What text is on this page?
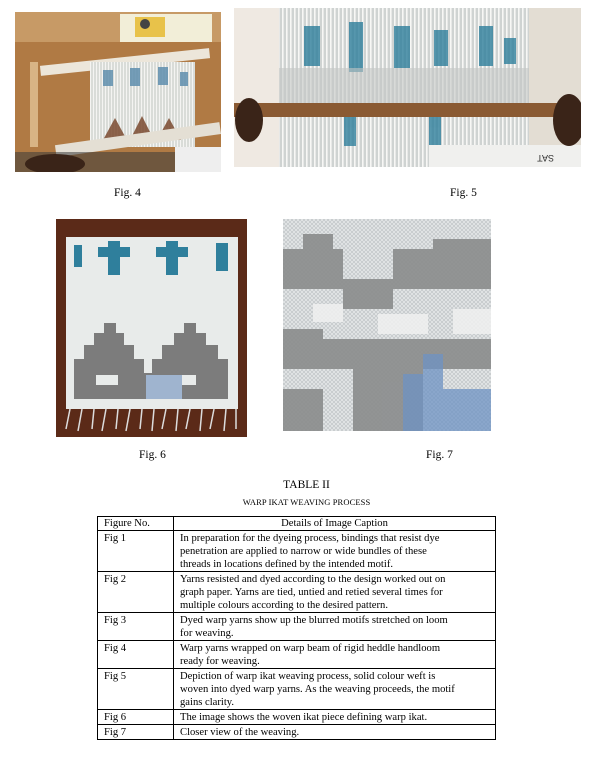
Fig. 4
SAT
Fig. 5
Fig. 6	Fig. 7
TABLE II
WARP IKAT WEAVING PROCESS
Figure No.	Details of Image Caption
Fig 1	In preparation for the dyeing process, bindings that resist dye
penetration are applied to narrow or wide bundles of these
threads in locations defined by the intended motif.

Fig 2	Yarns resisted and dyed according to the design worked out on
graph paper. Yarns are tied, untied and retied several times for
multiple colours according to the desired pattern.

Fig 3	Dyed warp yarns show up the blurred motifs stretched on loom
for weaving.

Fig 4	Warp yarns wrapped on warp beam of rigid heddle handloom
ready for weaving.

Fig 5	Depiction of warp ikat weaving process, solid colour weft is
woven into dyed warp yarns. As the weaving proceeds, the motif
gains clarity.

Fig 6	The image shows the woven ikat piece defining warp ikat.

Fig 7	Closer view of the weaving.
